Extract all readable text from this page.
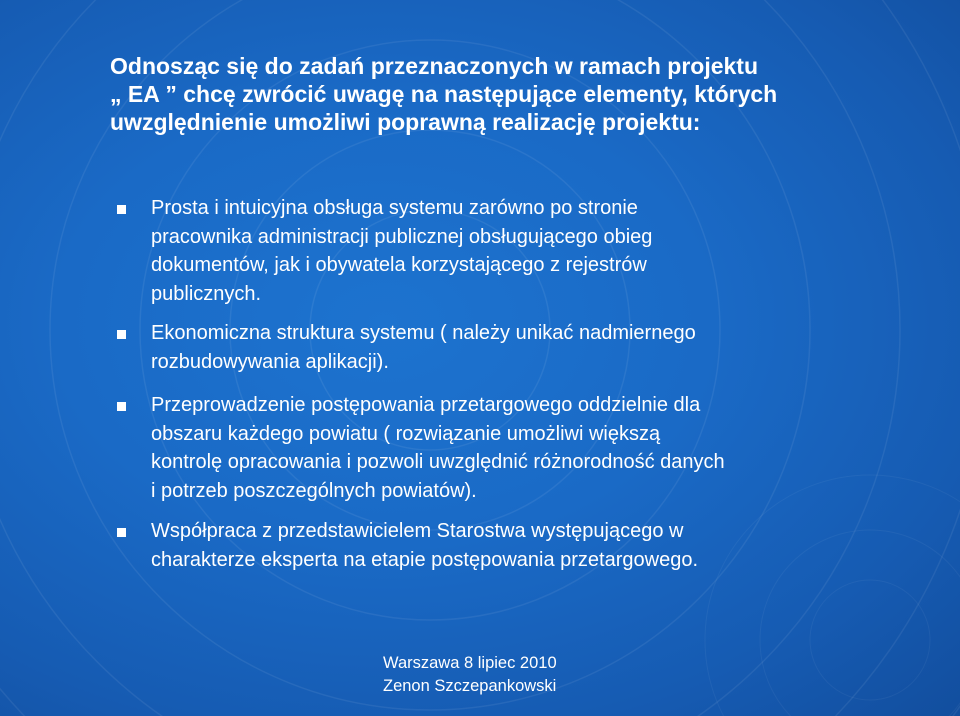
Odnosząc się do zadań przeznaczonych w ramach projektu
„ EA ” chcę zwrócić uwagę na następujące elementy, których
uwzględnienie umożliwi poprawną realizację projektu:
Prosta i intuicyjna obsługa systemu zarówno po stronie
pracownika administracji publicznej obsługującego obieg
dokumentów, jak i obywatela korzystającego z rejestrów
publicznych.
Ekonomiczna struktura systemu ( należy unikać nadmiernego
rozbudowywania aplikacji).
Przeprowadzenie postępowania przetargowego oddzielnie dla
obszaru każdego powiatu ( rozwiązanie umożliwi większą
kontrolę opracowania i pozwoli uwzględnić różnorodność danych
i potrzeb poszczególnych powiatów).
Współpraca z przedstawicielem Starostwa występującego w
charakterze eksperta na etapie postępowania przetargowego.
Warszawa 8 lipiec 2010
Zenon Szczepankowski
